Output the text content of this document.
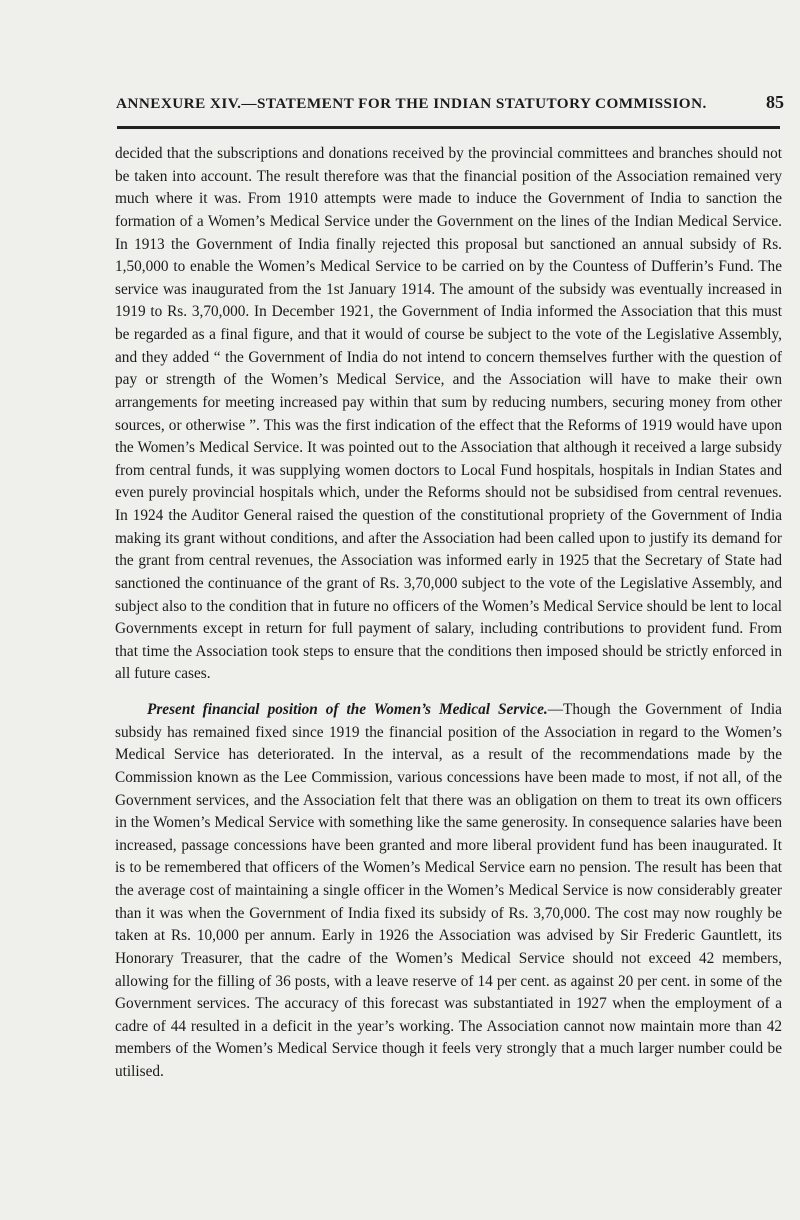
ANNEXURE XIV.—STATEMENT FOR THE INDIAN STATUTORY COMMISSION.	85

decided that the subscriptions and donations received by the provincial committees and branches should not be taken into account. The result therefore was that the financial position of the Association remained very much where it was. From 1910 attempts were made to induce the Government of India to sanction the formation of a Women’s Medical Service under the Government on the lines of the Indian Medical Service. In 1913 the Government of India finally rejected this proposal but sanctioned an annual subsidy of Rs. 1,50,000 to enable the Women’s Medical Service to be carried on by the Countess of Dufferin’s Fund. The service was inaugurated from the 1st January 1914. The amount of the subsidy was eventually increased in 1919 to Rs. 3,70,000. In December 1921, the Government of India informed the Association that this must be regarded as a final figure, and that it would of course be subject to the vote of the Legislative Assembly, and they added “ the Government of India do not intend to concern themselves further with the question of pay or strength of the Women’s Medical Service, and the Association will have to make their own arrangements for meeting increased pay within that sum by reducing numbers, securing money from other sources, or otherwise ”. This was the first indication of the effect that the Reforms of 1919 would have upon the Women’s Medical Service. It was pointed out to the Association that although it received a large subsidy from central funds, it was supplying women doctors to Local Fund hospitals, hospitals in Indian States and even purely provincial hospitals which, under the Reforms should not be subsidised from central revenues. In 1924 the Auditor General raised the question of the constitutional propriety of the Government of India making its grant without conditions, and after the Association had been called upon to justify its demand for the grant from central revenues, the Association was informed early in 1925 that the Secretary of State had sanctioned the continuance of the grant of Rs. 3,70,000 subject to the vote of the Legislative Assembly, and subject also to the condition that in future no officers of the Women’s Medical Service should be lent to local Governments except in return for full payment of salary, including contributions to provident fund. From that time the Association took steps to ensure that the conditions then imposed should be strictly enforced in all future cases.

Present financial position of the Women’s Medical Service.—Though the Government of India subsidy has remained fixed since 1919 the financial position of the Association in regard to the Women’s Medical Service has deteriorated. In the interval, as a result of the recommendations made by the Commission known as the Lee Commission, various concessions have been made to most, if not all, of the Government services, and the Association felt that there was an obligation on them to treat its own officers in the Women’s Medical Service with something like the same generosity. In consequence salaries have been increased, passage concessions have been granted and more liberal provident fund has been inaugurated. It is to be remembered that officers of the Women’s Medical Service earn no pension. The result has been that the average cost of maintaining a single officer in the Women’s Medical Service is now considerably greater than it was when the Government of India fixed its subsidy of Rs. 3,70,000. The cost may now roughly be taken at Rs. 10,000 per annum. Early in 1926 the Association was advised by Sir Frederic Gauntlett, its Honorary Treasurer, that the cadre of the Women’s Medical Service should not exceed 42 members, allowing for the filling of 36 posts, with a leave reserve of 14 per cent. as against 20 per cent. in some of the Government services. The accuracy of this forecast was substantiated in 1927 when the employment of a cadre of 44 resulted in a deficit in the year’s working. The Association cannot now maintain more than 42 members of the Women’s Medical Service though it feels very strongly that a much larger number could be utilised.
